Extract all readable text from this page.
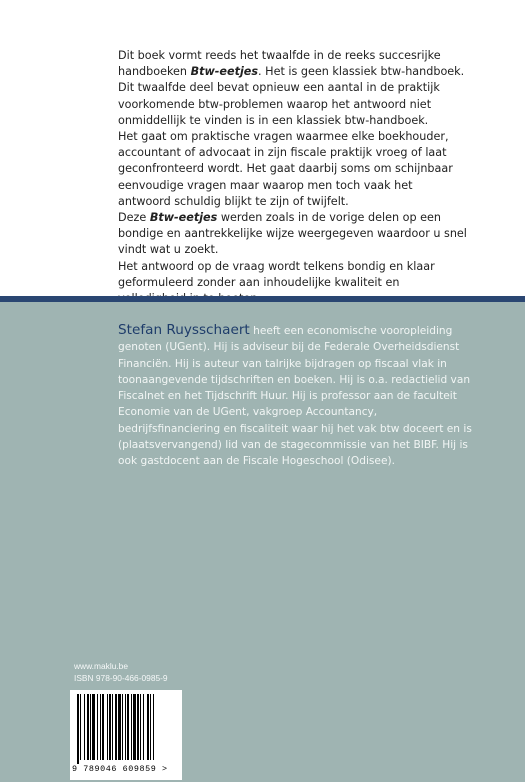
Dit boek vormt reeds het twaalfde in de reeks succesrijke handboeken Btw-eetjes. Het is geen klassiek btw-handboek. Dit twaalfde deel bevat opnieuw een aantal in de praktijk voorkomende btw-problemen waarop het antwoord niet onmiddellijk te vinden is in een klassiek btw-handboek.

Het gaat om praktische vragen waarmee elke boekhouder, accountant of advocaat in zijn fiscale praktijk vroeg of laat geconfronteerd wordt. Het gaat daarbij soms om schijnbaar eenvoudige vragen maar waarop men toch vaak het antwoord schuldig blijkt te zijn of twijfelt.

Deze Btw-eetjes werden zoals in de vorige delen op een bondige en aantrekkelijke wijze weergegeven waardoor u snel vindt wat u zoekt.

Het antwoord op de vraag wordt telkens bondig en klaar geformuleerd zonder aan inhoudelijke kwaliteit en

Stefan Ruysschaert heeft een economische vooropleiding genoten (UGent). Hij is adviseur bij de Federale Overheidsdienst Financiën. Hij is auteur van talrijke bijdragen op fiscaal vlak in toonaangevende tijdschriften en boeken. Hij is o.a. redactielid van Fiscalnet en het Tijdschrift Huur. Hij is professor aan de faculteit Economie van de UGent, vakgroep Accountancy, bedrijfsfinanciering en fiscaliteit waar hij het vak btw doceert en is (plaatsvervangend) lid van de stagecommissie van het BIBF. Hij is ook gastdocent aan de Fiscale Hogeschool (Odisee).
www.maklu.be
ISBN 978-90-466-0985-9
9 789046 609859 >
